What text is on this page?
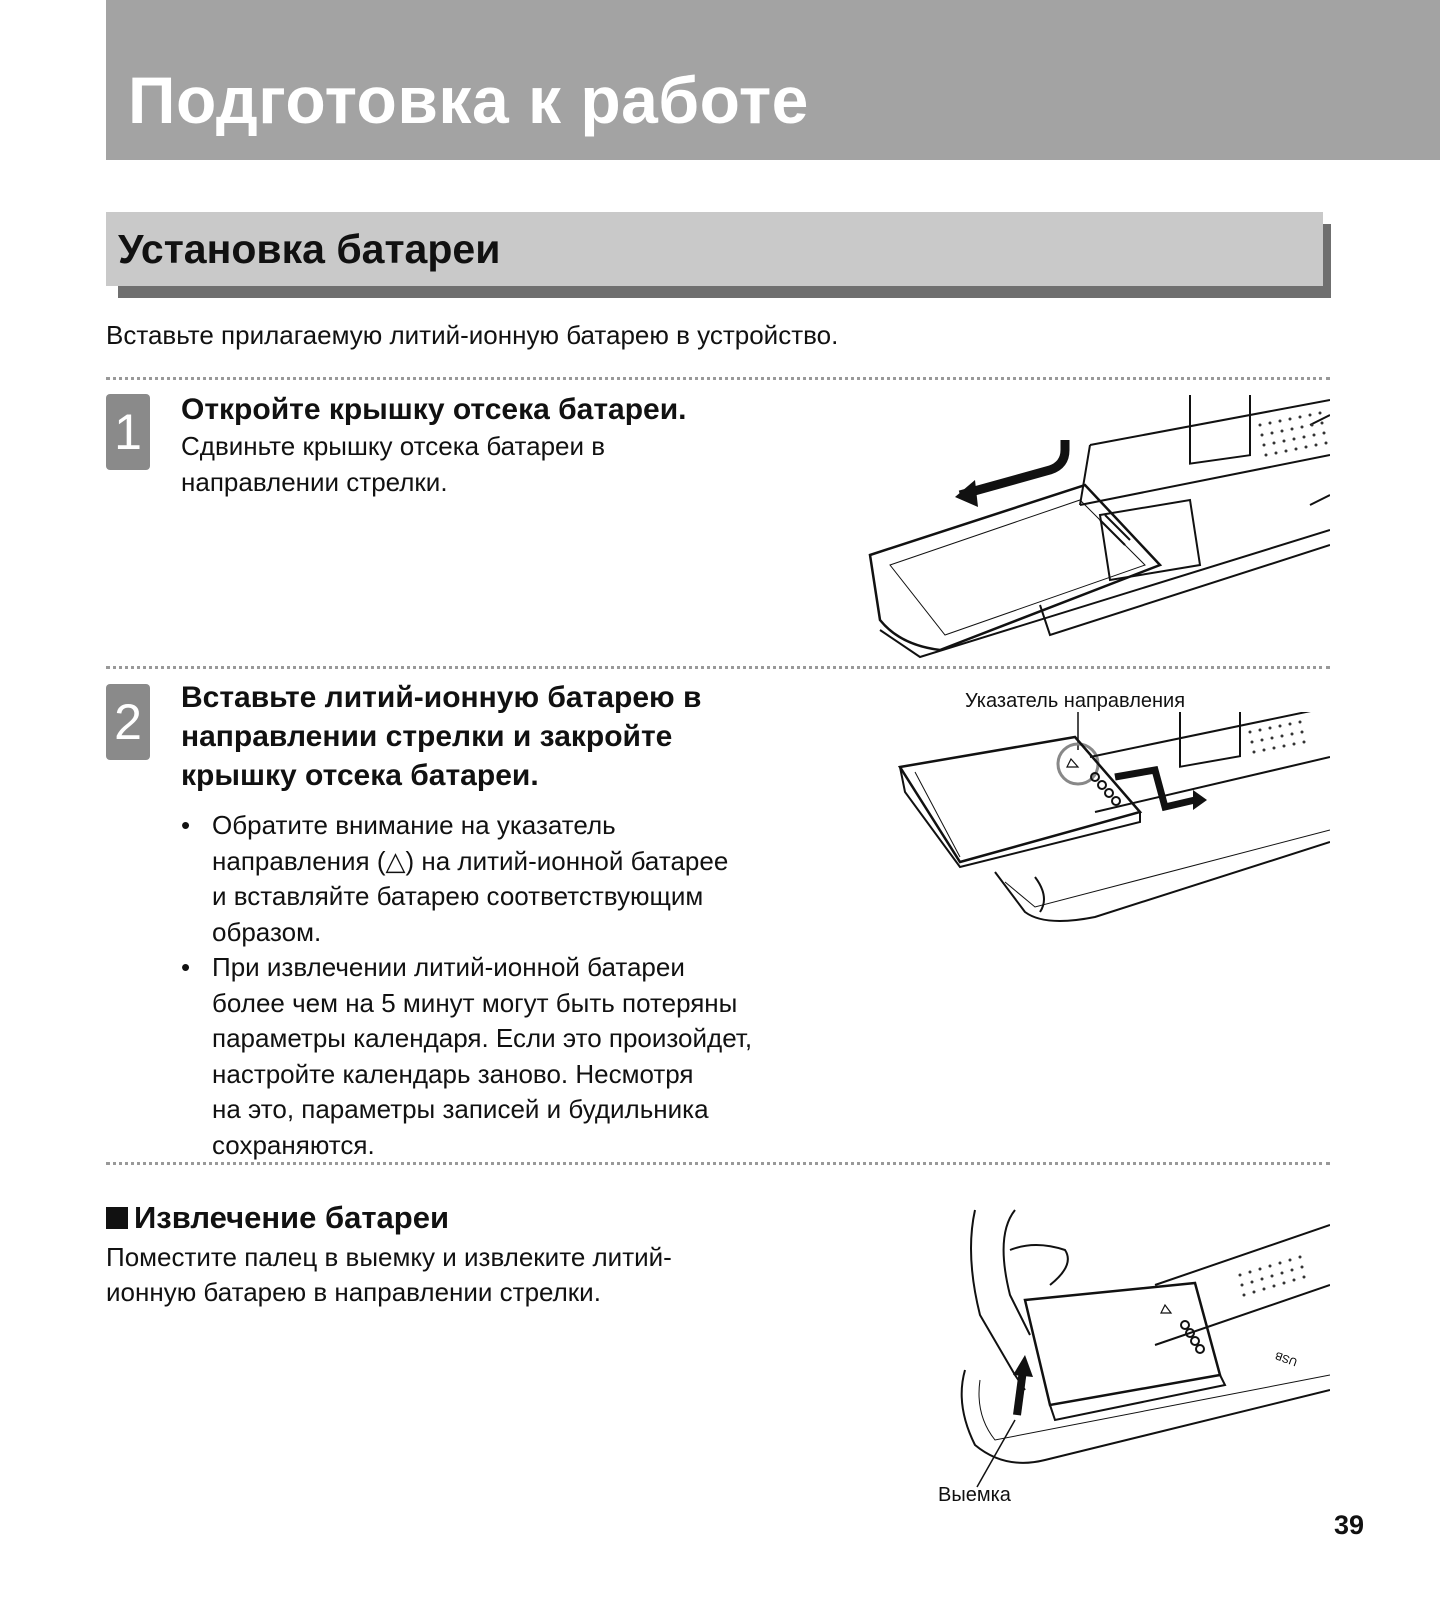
Подготовка к работе
Установка батареи
Вставьте прилагаемую литий-ионную батарею в устройство.
1 Откройте крышку отсека батареи.
Сдвиньте крышку отсека батареи в
направлении стрелки.
2 Вставьте литий-ионную батарею в
направлении стрелки и закройте
крышку отсека батареи.
• Обратите внимание на указатель
направления (△) на литий-ионной батарее
и вставляйте батарею соответствующим
образом.
• При извлечении литий-ионной батареи
более чем на 5 минут могут быть потеряны
параметры календаря. Если это произойдет,
настройте календарь заново. Несмотря
на это, параметры записей и будильника
сохраняются.
Указатель направления
Извлечение батареи
Поместите палец в выемку и извлеките литий-
ионную батарею в направлении стрелки.
USB
Выемка
39
